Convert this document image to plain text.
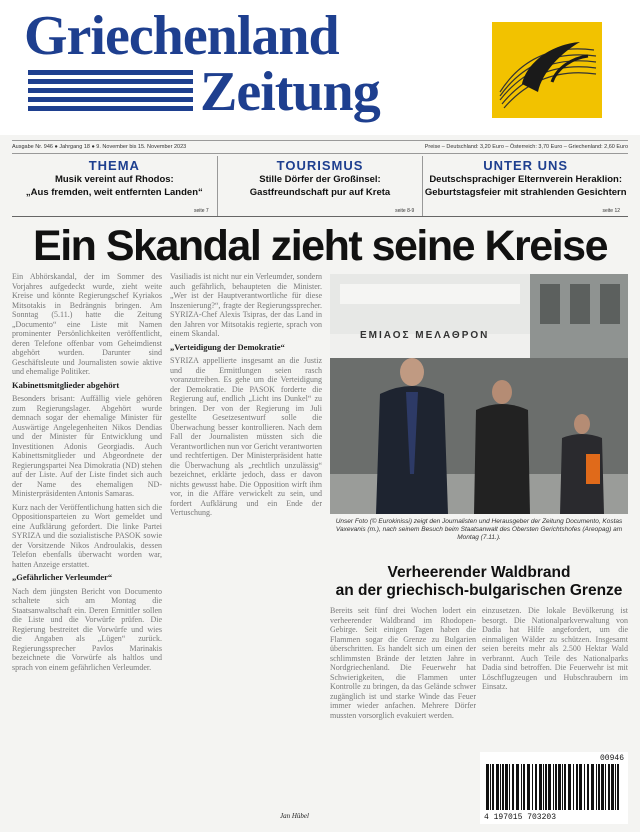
Griechenland
Zeitung
Ausgabe Nr. 946 ● Jahrgang 18 ● 9. November bis 15. November 2023	Preise – Deutschland: 3,20 Euro – Österreich: 3,70 Euro – Griechenland: 2,60 Euro
THEMA
Musik vereint auf Rhodos:
„Aus fremden, weit entfernten Landen“
seite 7
TOURISMUS
Stille Dörfer der Großinsel:
Gastfreundschaft pur auf Kreta
seite 8-9
UNTER UNS
Deutschsprachiger Elternverein Heraklion:
Geburtstagsfeier mit strahlenden Gesichtern
seite 12
Ein Skandal zieht seine Kreise

Ein Abhörskandal, der im Sommer des Vorjahres aufgedeckt wurde, zieht weite Kreise und könnte Regierungschef Kyriakos Mitsotakis in Bedrängnis bringen. Am Sonntag (5.11.) hatte die Zeitung „Documento“ eine Liste mit Namen prominenter Persönlichkeiten veröffentlicht, deren Telefone offenbar vom Geheimdienst abgehört wurden. Darunter sind Geschäftsleute und Journalisten sowie aktive und ehemalige Politiker.

Kabinettsmitglieder abgehört

Besonders brisant: Auffällig viele gehören zum Regierungslager. Abgehört wurde demnach sogar der ehemalige Minister für Auswärtige Angelegenheiten Nikos Dendias und der Minister für Entwicklung und Investitionen Adonis Georgiadis. Auch Kabinettsmitglieder und Abgeordnete der Regierungspartei Nea Dimokratia (ND) stehen auf der Liste. Auf der Liste findet sich auch der Name des ehemaligen ND-Ministerpräsidenten Antonis Samaras.

Kurz nach der Veröffentlichung hatten sich die Oppositionsparteien zu Wort gemeldet und eine Aufklärung gefordert. Die linke Partei SYRIZA und die sozialistische PASOK sowie der Vorsitzende Nikos Androulakis, dessen Telefon ebenfalls überwacht worden war, hatten Anzeige erstattet.

„Gefährlicher Verleumder“

Nach dem jüngsten Bericht von Documento schaltete sich am Montag die Staatsanwaltschaft ein. Deren Ermittler sollen die Liste und die Vorwürfe prüfen. Die Regierung bestreitet die Vorwürfe und wies die Angaben als „Lügen“ zurück. Regierungssprecher Pavlos Marinakis bezeichnete die Vorwürfe als haltlos und sprach von einem gefährlichen Verleumder.

Vasiliadis ist nicht nur ein Verleumder, sondern auch gefährlich, behaupteten die Minister. „Wer ist der Hauptverantwortliche für diese Inszenierung?“, fragte der Regierungssprecher. SYRIZA-Chef Alexis Tsipras, der das Land in den Jahren vor Mitsotakis regierte, sprach von einem Skandal.

„Verteidigung der Demokratie“

SYRIZA appellierte insgesamt an die Justiz und die Ermittlungen seien rasch voranzutreiben. Es gehe um die Verteidigung der Demokratie. Die PASOK forderte die Regierung auf, endlich „Licht ins Dunkel“ zu bringen. Der von der Regierung im Juli gestellte Gesetzesentwurf solle die Überwachung besser kontrollieren. Nach dem Fall der Journalisten müssten sich die Verantwortlichen nun vor Gericht verantworten und rechtfertigen. Der Ministerpräsident hatte die Überwachung als „rechtlich unzulässig“ bezeichnet, erklärte jedoch, dass er davon nichts gewusst habe. Die Opposition wirft ihm vor, in die Affäre verwickelt zu sein, und fordert Aufklärung und ein Ende der Vertuschung.

Jan Hübel
ΕΜΙΑΟΣ ΜΕΛΑΘΡΟΝ
Unser Foto (© Eurokinissi) zeigt den Journalisten und Herausgeber der Zeitung Documento, Kostas Vaxevanis (m.), nach seinem Besuch beim Staatsanwalt des Obersten Gerichtshofes (Areopag) am Montag (7.11.).
Verheerender Waldbrand
an der griechisch-bulgarischen Grenze

Bereits seit fünf drei Wochen lodert ein verheerender Waldbrand im Rhodopen-Gebirge. Seit einigen Tagen haben die Flammen sogar die Grenze zu Bulgarien überschritten. Es handelt sich um einen der schlimmsten Brände der letzten Jahre in Nordgriechenland. Die Feuerwehr hat Schwierigkeiten, die Flammen unter Kontrolle zu bringen, da das Gelände schwer zugänglich ist und starke Winde das Feuer immer wieder anfachen. Mehrere Dörfer mussten vorsorglich evakuiert werden.

einzusetzen. Die lokale Bevölkerung ist besorgt. Die Nationalparkverwaltung von Dadia hat Hilfe angefordert, um die einmaligen Wälder zu schützen. Insgesamt seien bereits mehr als 2.500 Hektar Wald verbrannt. Auch Teile des Nationalparks Dadia sind betroffen. Die Feuerwehr ist mit Löschflugzeugen und Hubschraubern im Einsatz.

00946
4 197015 703203
